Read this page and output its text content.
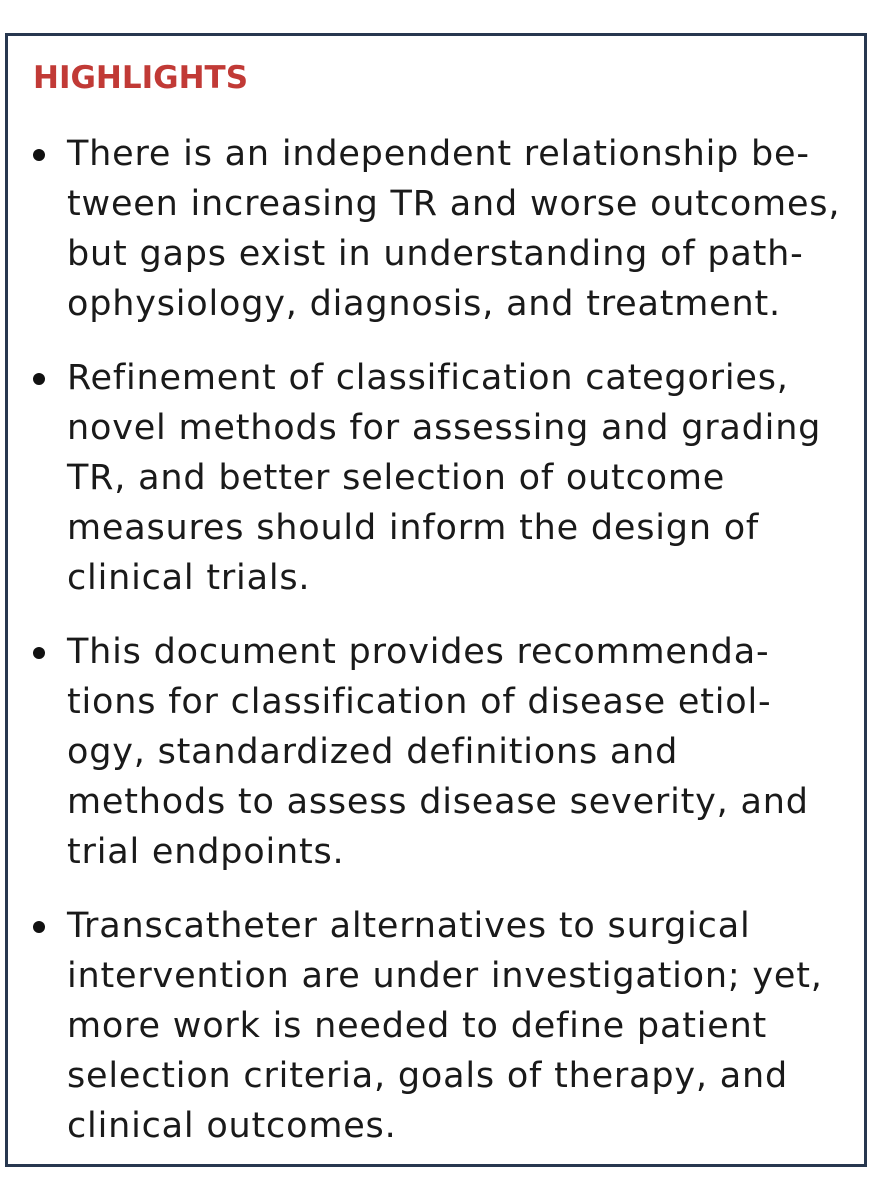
HIGHLIGHTS

There is an independent relationship be-
tween increasing TR and worse outcomes,
but gaps exist in understanding of path-
ophysiology, diagnosis, and treatment.

Refinement of classification categories,
novel methods for assessing and grading
TR, and better selection of outcome
measures should inform the design of
clinical trials.

This document provides recommenda-
tions for classification of disease etiol-
ogy, standardized definitions and
methods to assess disease severity, and
trial endpoints.

Transcatheter alternatives to surgical
intervention are under investigation; yet,
more work is needed to define patient
selection criteria, goals of therapy, and
clinical outcomes.
